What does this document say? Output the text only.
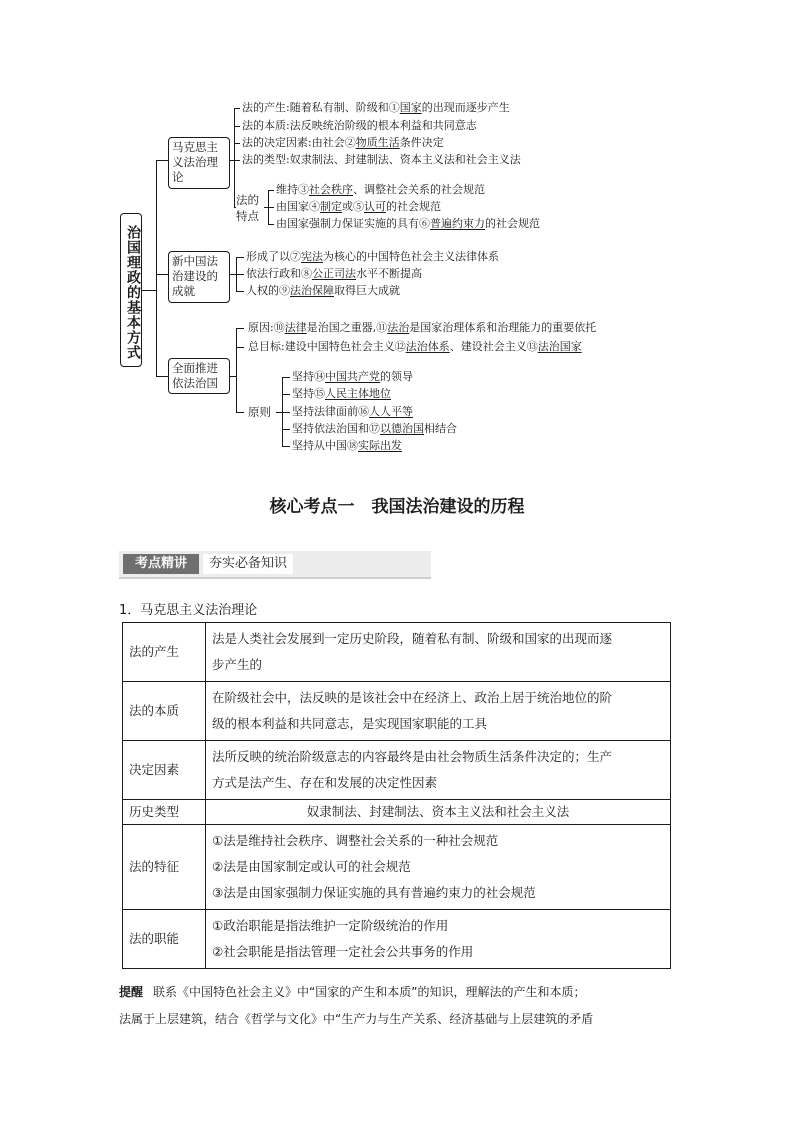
治国理政的基本方式
马克思主义法治理论
法的产生:随着私有制、阶级和①国家的出现而逐步产生
法的本质:法反映统治阶级的根本利益和共同意志
法的决定因素:由社会②物质生活条件决定
法的类型:奴隶制法、封建制法、资本主义法和社会主义法
法的特点
维持③社会秩序、调整社会关系的社会规范
由国家④制定或⑤认可的社会规范
由国家强制力保证实施的具有⑥普遍约束力的社会规范
新中国法治建设的成就
形成了以⑦宪法为核心的中国特色社会主义法律体系
依法行政和⑧公正司法水平不断提高
人权的⑨法治保障取得巨大成就
全面推进依法治国
原因:⑩法律是治国之重器,⑪法治是国家治理体系和治理能力的重要依托
总目标:建设中国特色社会主义⑫法治体系、建设社会主义⑬法治国家
原则
坚持⑭中国共产党的领导
坚持⑮人民主体地位
坚持法律面前⑯人人平等
坚持依法治国和⑰以德治国相结合
坚持从中国⑱实际出发
核心考点一　我国法治建设的历程
考点精讲	夯实必备知识
1．马克思主义法治理论
法的产生	法是人类社会发展到一定历史阶段，随着私有制、阶级和国家的出现而逐
步产生的

法的本质	在阶级社会中，法反映的是该社会中在经济上、政治上居于统治地位的阶
级的根本利益和共同意志，是实现国家职能的工具

决定因素	法所反映的统治阶级意志的内容最终是由社会物质生活条件决定的；生产
方式是法产生、存在和发展的决定性因素

历史类型	奴隶制法、封建制法、资本主义法和社会主义法

法的特征	①法是维持社会秩序、调整社会关系的一种社会规范
②法是由国家制定或认可的社会规范
③法是由国家强制力保证实施的具有普遍约束力的社会规范

法的职能	①政治职能是指法维护一定阶级统治的作用
②社会职能是指法管理一定社会公共事务的作用
提醒 联系《中国特色社会主义》中“国家的产生和本质”的知识，理解法的产生和本质；
法属于上层建筑，结合《哲学与文化》中“生产力与生产关系、经济基础与上层建筑的矛盾
